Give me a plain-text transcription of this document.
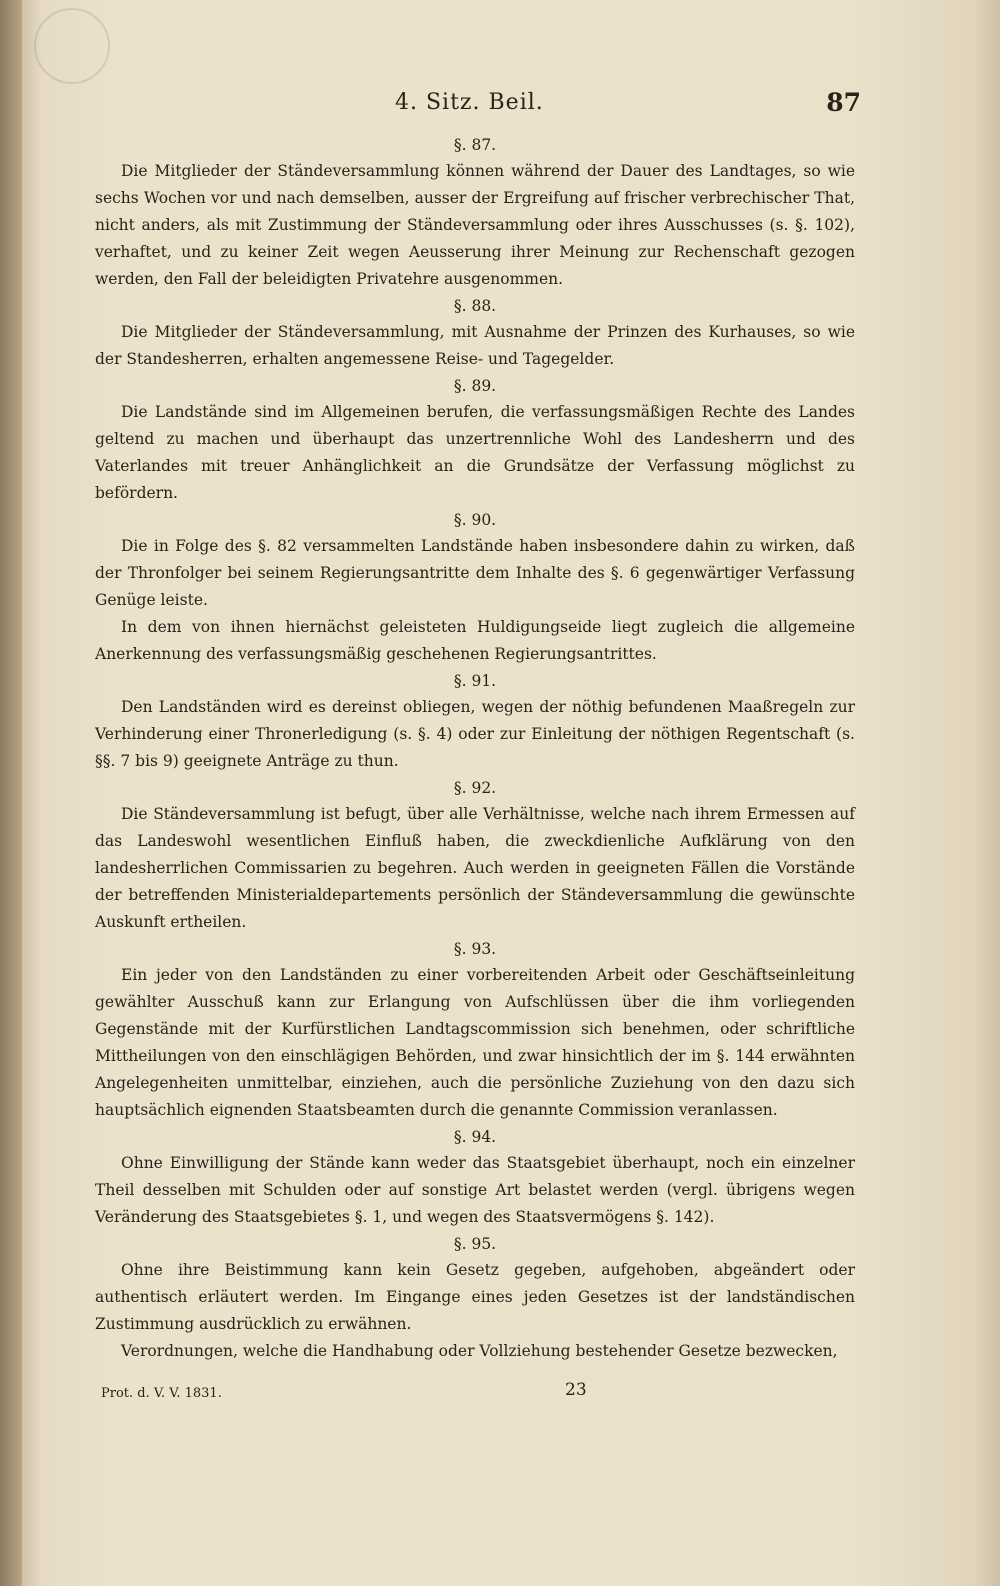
4. Sitz. Beil.	87

§. 87.

Die Mitglieder der Ständeversammlung können während der Dauer des Landtages, so wie sechs Wochen vor und nach demselben, ausser der Ergreifung auf frischer verbrechischer That, nicht anders, als mit Zustimmung der Ständeversammlung oder ihres Ausschusses (s. §. 102), verhaftet, und zu keiner Zeit wegen Aeusserung ihrer Meinung zur Rechenschaft gezogen werden, den Fall der beleidigten Privatehre ausgenommen.

§. 88.

Die Mitglieder der Ständeversammlung, mit Ausnahme der Prinzen des Kurhauses, so wie der Standesherren, erhalten angemessene Reise- und Tagegelder.

§. 89.

Die Landstände sind im Allgemeinen berufen, die verfassungsmäßigen Rechte des Landes geltend zu machen und überhaupt das unzertrennliche Wohl des Landesherrn und des Vaterlandes mit treuer Anhänglichkeit an die Grundsätze der Verfassung möglichst zu befördern.

§. 90.

Die in Folge des §. 82 versammelten Landstände haben insbesondere dahin zu wirken, daß der Thronfolger bei seinem Regierungsantritte dem Inhalte des §. 6 gegenwärtiger Verfassung Genüge leiste.

In dem von ihnen hiernächst geleisteten Huldigungseide liegt zugleich die allgemeine Anerkennung des verfassungsmäßig geschehenen Regierungsantrittes.

§. 91.

Den Landständen wird es dereinst obliegen, wegen der nöthig befundenen Maaßregeln zur Verhinderung einer Thronerledigung (s. §. 4) oder zur Einleitung der nöthigen Regentschaft (s. §§. 7 bis 9) geeignete Anträge zu thun.

§. 92.

Die Ständeversammlung ist befugt, über alle Verhältnisse, welche nach ihrem Ermessen auf das Landeswohl wesentlichen Einfluß haben, die zweckdienliche Aufklärung von den landesherrlichen Commissarien zu begehren. Auch werden in geeigneten Fällen die Vorstände der betreffenden Ministerialdepartements persönlich der Ständeversammlung die gewünschte Auskunft ertheilen.

§. 93.

Ein jeder von den Landständen zu einer vorbereitenden Arbeit oder Geschäftseinleitung gewählter Ausschuß kann zur Erlangung von Aufschlüssen über die ihm vorliegenden Gegenstände mit der Kurfürstlichen Landtagscommission sich benehmen, oder schriftliche Mittheilungen von den einschlägigen Behörden, und zwar hinsichtlich der im §. 144 erwähnten Angelegenheiten unmittelbar, einziehen, auch die persönliche Zuziehung von den dazu sich hauptsächlich eignenden Staatsbeamten durch die genannte Commission veranlassen.

§. 94.

Ohne Einwilligung der Stände kann weder das Staatsgebiet überhaupt, noch ein einzelner Theil desselben mit Schulden oder auf sonstige Art belastet werden (vergl. übrigens wegen Veränderung des Staatsgebietes §. 1, und wegen des Staatsvermögens §. 142).

§. 95.

Ohne ihre Beistimmung kann kein Gesetz gegeben, aufgehoben, abgeändert oder authentisch erläutert werden. Im Eingange eines jeden Gesetzes ist der landständischen Zustimmung ausdrücklich zu erwähnen.

Verordnungen, welche die Handhabung oder Vollziehung bestehender Gesetze bezwecken,

Prot. d. V. V. 1831.	23
